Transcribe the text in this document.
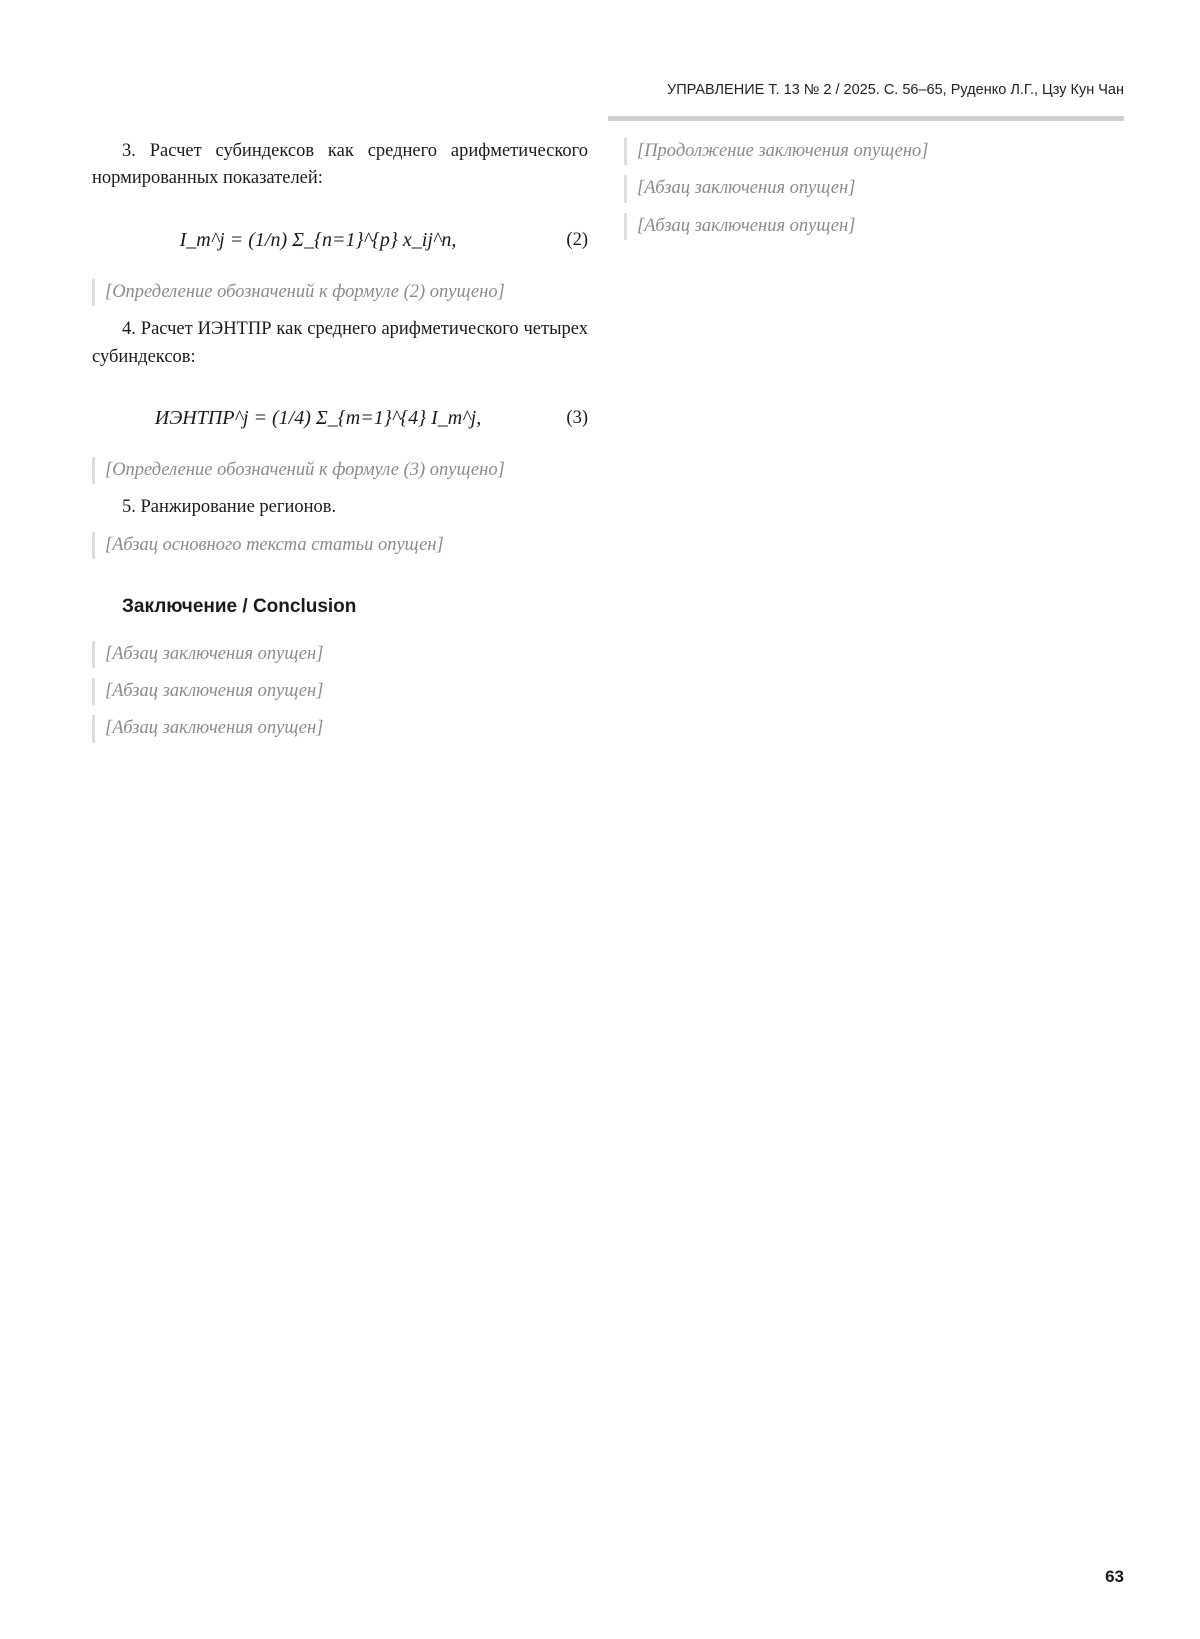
УПРАВЛЕНИЕ Т. 13 № 2 / 2025. С. 56–65, Руденко Л.Г., Цзу Кун Чан

3. Расчет субиндексов как среднего арифметического нормированных показателей:

I_m^j = (1/n) Σ_{n=1}^{p} x_ij^n,	(2)

[Определение обозначений к формуле (2) опущено]

4. Расчет ИЭНТПР как среднего арифметического четырех субиндексов:

ИЭНТПР^j = (1/4) Σ_{m=1}^{4} I_m^j,	(3)

[Определение обозначений к формуле (3) опущено]

5. Ранжирование регионов.

[Абзац основного текста статьи опущен]

Заключение / Conclusion

[Абзац заключения опущен]

[Абзац заключения опущен]

[Абзац заключения опущен]

[Продолжение заключения опущено]

[Абзац заключения опущен]

[Абзац заключения опущен]

63
